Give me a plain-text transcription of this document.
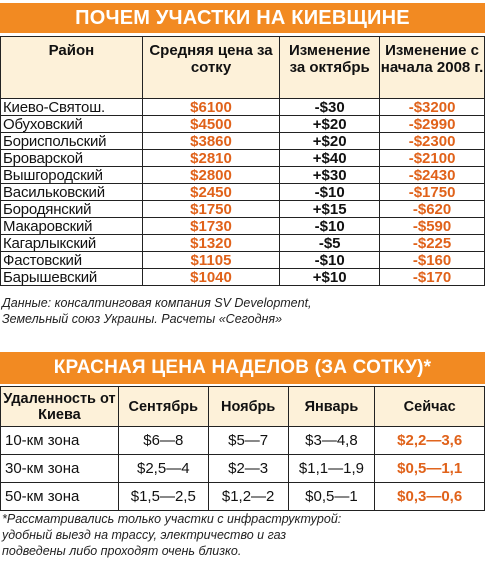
ПОЧЕМ УЧАСТКИ НА КИЕВЩИНЕ
Район	Средняя цена за сотку	Изменение за октябрь	Изменение с начала 2008 г.
Киево-Святош.	$6100	-$30	-$3200
Обуховский	$4500	+$20	-$2990
Бориспольский	$3860	+$20	-$2300
Броварской	$2810	+$40	-$2100
Вышгородский	$2800	+$30	-$2430
Васильковский	$2450	-$10	-$1750
Бородянский	$1750	+$15	-$620
Макаровский	$1730	-$10	-$590
Кагарлыкский	$1320	-$5	-$225
Фастовский	$1105	-$10	-$160
Барышевский	$1040	+$10	-$170
Данные: консалтинговая компания SV Development,
Земельный союз Украины. Расчеты «Сегодня»
КРАСНАЯ ЦЕНА НАДЕЛОВ (ЗА СОТКУ)*
Удаленность от Киева	Сентябрь	Ноябрь	Январь	Сейчас
10-км зона	$6—8	$5—7	$3—4,8	$2,2—3,6
30-км зона	$2,5—4	$2—3	$1,1—1,9	$0,5—1,1
50-км зона	$1,5—2,5	$1,2—2	$0,5—1	$0,3—0,6
*Рассматривались только участки с инфраструктурой:
удобный выезд на трассу, электричество и газ
подведены либо проходят очень близко.
